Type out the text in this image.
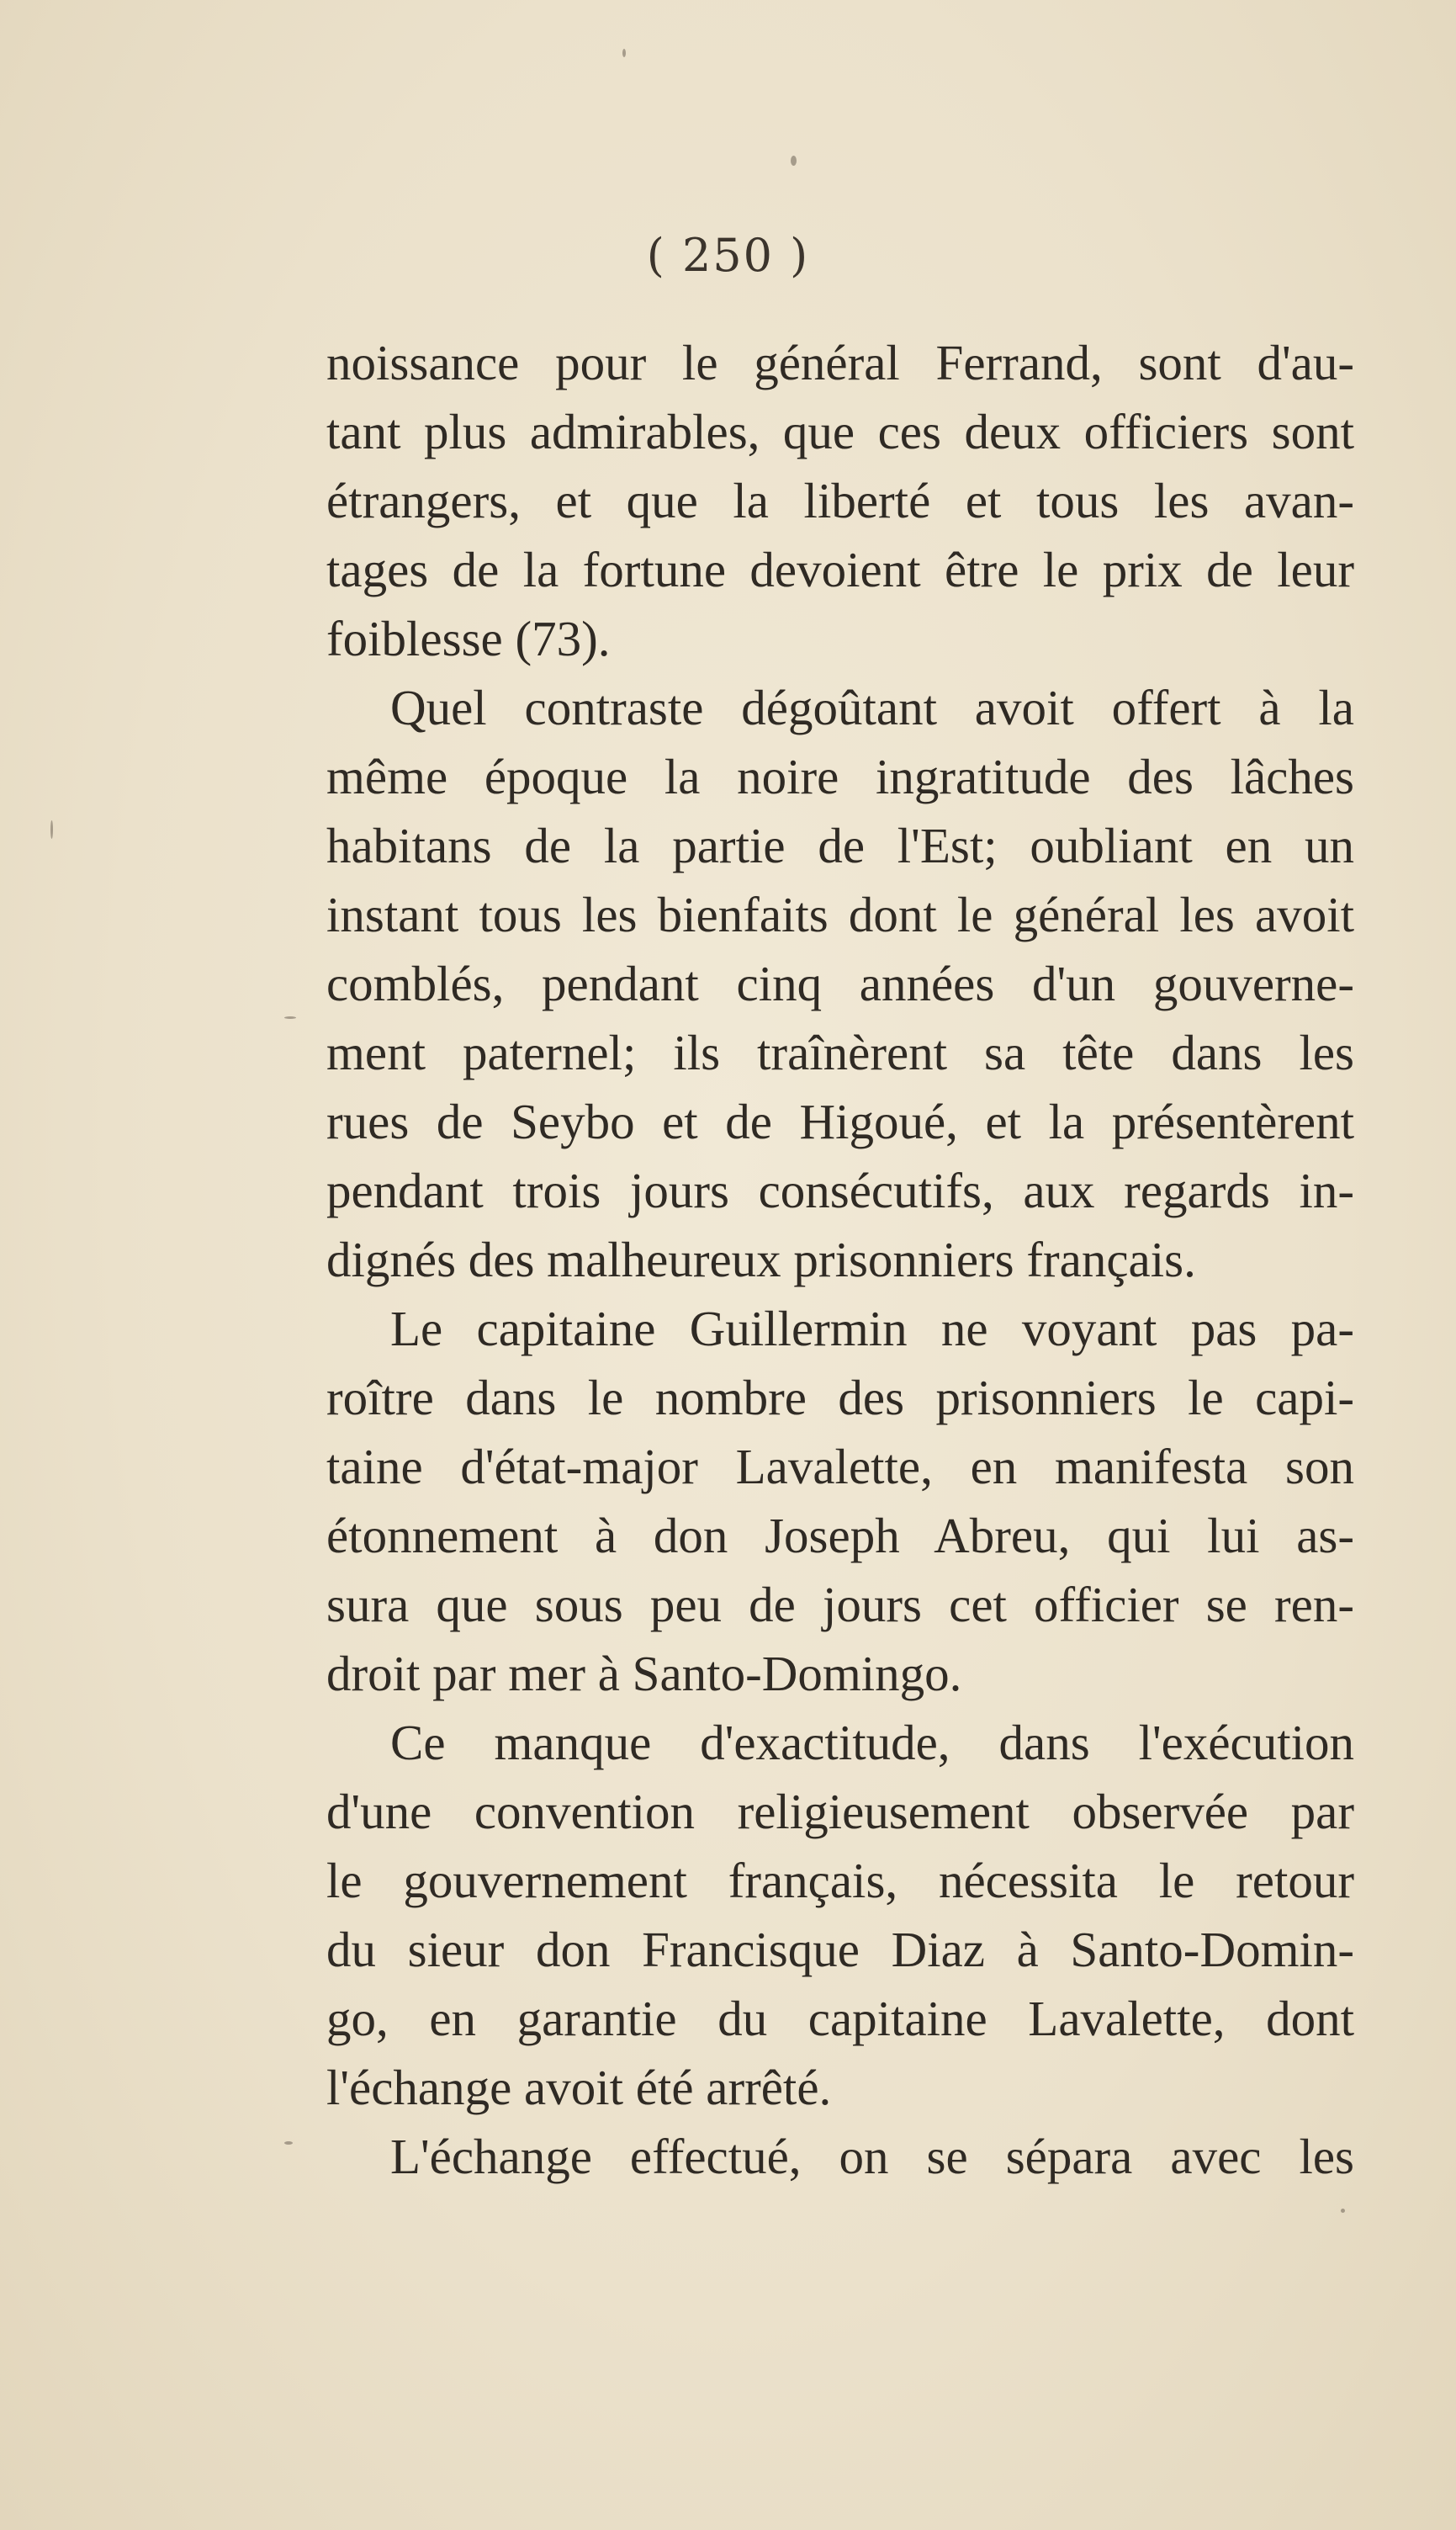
( 250 )
noissance pour le général Ferrand, sont d'au-
tant plus admirables, que ces deux officiers sont
étrangers, et que la liberté et tous les avan-
tages de la fortune devoient être le prix de leur
foiblesse (73).
Quel contraste dégoûtant avoit offert à la
même époque la noire ingratitude des lâches
habitans de la partie de l'Est; oubliant en un
instant tous les bienfaits dont le général les avoit
comblés, pendant cinq années d'un gouverne-
ment paternel; ils traînèrent sa tête dans les
rues de Seybo et de Higoué, et la présentèrent
pendant trois jours consécutifs, aux regards in-
dignés des malheureux prisonniers français.
Le capitaine Guillermin ne voyant pas pa-
roître dans le nombre des prisonniers le capi-
taine d'état-major Lavalette, en manifesta son
étonnement à don Joseph Abreu, qui lui as-
sura que sous peu de jours cet officier se ren-
droit par mer à Santo-Domingo.
Ce manque d'exactitude, dans l'exécution
d'une convention religieusement observée par
le gouvernement français, nécessita le retour
du sieur don Francisque Diaz à Santo-Domin-
go, en garantie du capitaine Lavalette, dont
l'échange avoit été arrêté.
L'échange effectué, on se sépara avec les
